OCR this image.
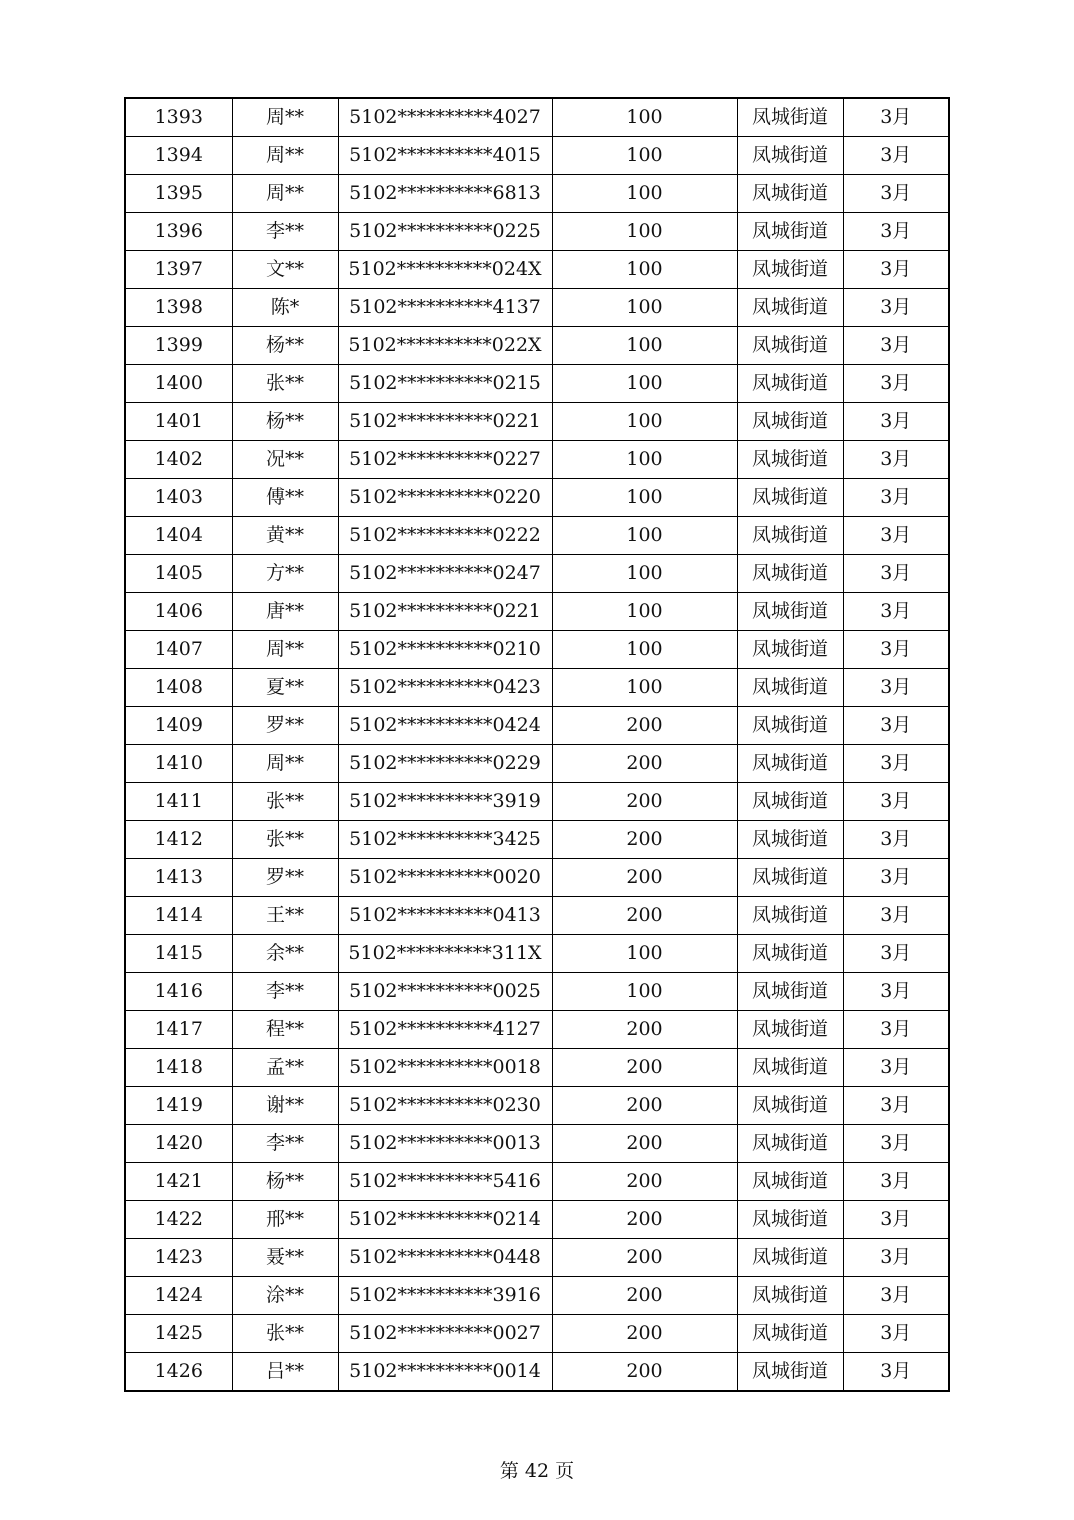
1393	周**	5102**********4027	100	凤城街道	3月
1394	周**	5102**********4015	100	凤城街道	3月
1395	周**	5102**********6813	100	凤城街道	3月
1396	李**	5102**********0225	100	凤城街道	3月
1397	文**	5102**********024X	100	凤城街道	3月
1398	陈*	5102**********4137	100	凤城街道	3月
1399	杨**	5102**********022X	100	凤城街道	3月
1400	张**	5102**********0215	100	凤城街道	3月
1401	杨**	5102**********0221	100	凤城街道	3月
1402	况**	5102**********0227	100	凤城街道	3月
1403	傅**	5102**********0220	100	凤城街道	3月
1404	黄**	5102**********0222	100	凤城街道	3月
1405	方**	5102**********0247	100	凤城街道	3月
1406	唐**	5102**********0221	100	凤城街道	3月
1407	周**	5102**********0210	100	凤城街道	3月
1408	夏**	5102**********0423	100	凤城街道	3月
1409	罗**	5102**********0424	200	凤城街道	3月
1410	周**	5102**********0229	200	凤城街道	3月
1411	张**	5102**********3919	200	凤城街道	3月
1412	张**	5102**********3425	200	凤城街道	3月
1413	罗**	5102**********0020	200	凤城街道	3月
1414	王**	5102**********0413	200	凤城街道	3月
1415	余**	5102**********311X	100	凤城街道	3月
1416	李**	5102**********0025	100	凤城街道	3月
1417	程**	5102**********4127	200	凤城街道	3月
1418	孟**	5102**********0018	200	凤城街道	3月
1419	谢**	5102**********0230	200	凤城街道	3月
1420	李**	5102**********0013	200	凤城街道	3月
1421	杨**	5102**********5416	200	凤城街道	3月
1422	邢**	5102**********0214	200	凤城街道	3月
1423	聂**	5102**********0448	200	凤城街道	3月
1424	涂**	5102**********3916	200	凤城街道	3月
1425	张**	5102**********0027	200	凤城街道	3月
1426	吕**	5102**********0014	200	凤城街道	3月
第 42 页
